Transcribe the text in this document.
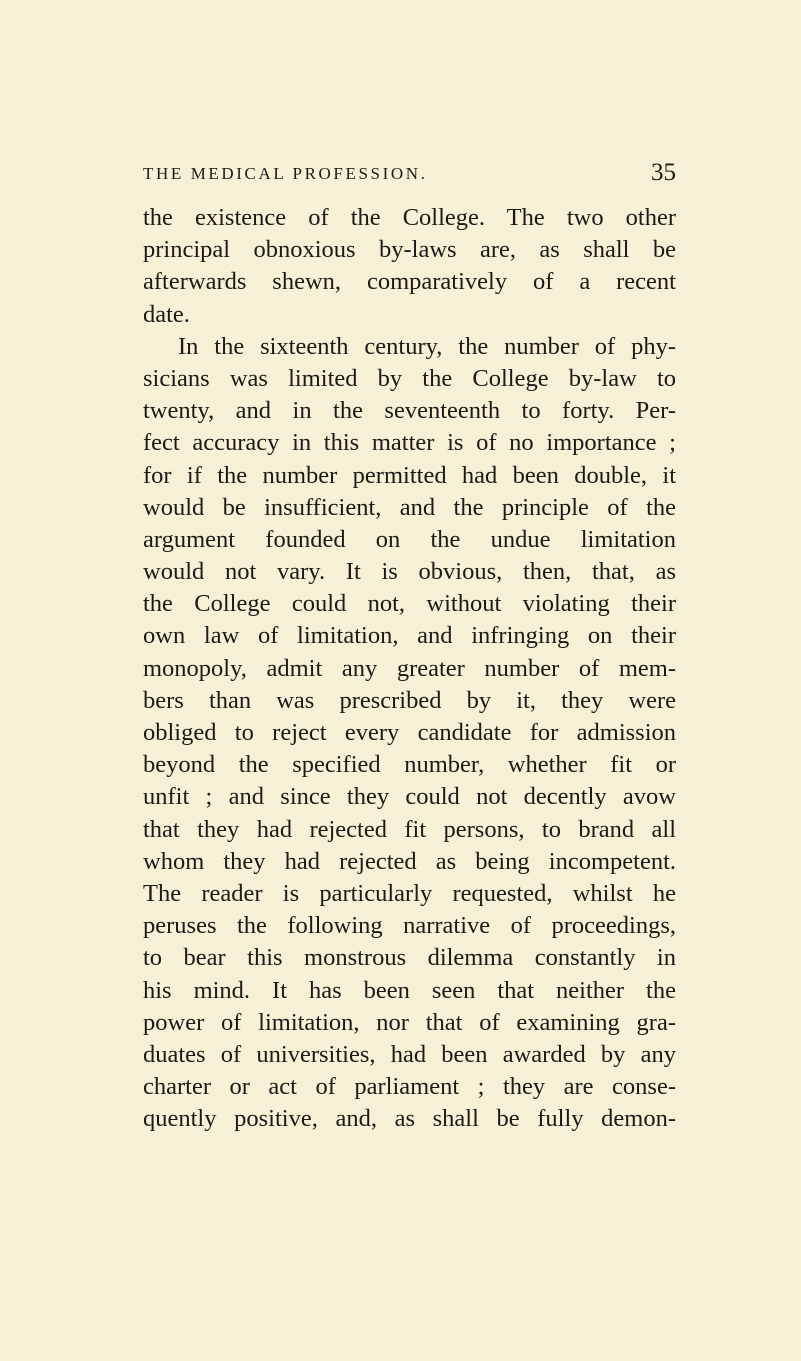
THE MEDICAL PROFESSION.	35
the existence of the College. The two other
principal obnoxious by-laws are, as shall be
afterwards shewn, comparatively of a recent
date.
In the sixteenth century, the number of phy-
sicians was limited by the College by-law to
twenty, and in the seventeenth to forty. Per-
fect accuracy in this matter is of no importance ;
for if the number permitted had been double, it
would be insufficient, and the principle of the
argument founded on the undue limitation
would not vary. It is obvious, then, that, as
the College could not, without violating their
own law of limitation, and infringing on their
monopoly, admit any greater number of mem-
bers than was prescribed by it, they were
obliged to reject every candidate for admission
beyond the specified number, whether fit or
unfit ; and since they could not decently avow
that they had rejected fit persons, to brand all
whom they had rejected as being incompetent.
The reader is particularly requested, whilst he
peruses the following narrative of proceedings,
to bear this monstrous dilemma constantly in
his mind. It has been seen that neither the
power of limitation, nor that of examining gra-
duates of universities, had been awarded by any
charter or act of parliament ; they are conse-
quently positive, and, as shall be fully demon-
